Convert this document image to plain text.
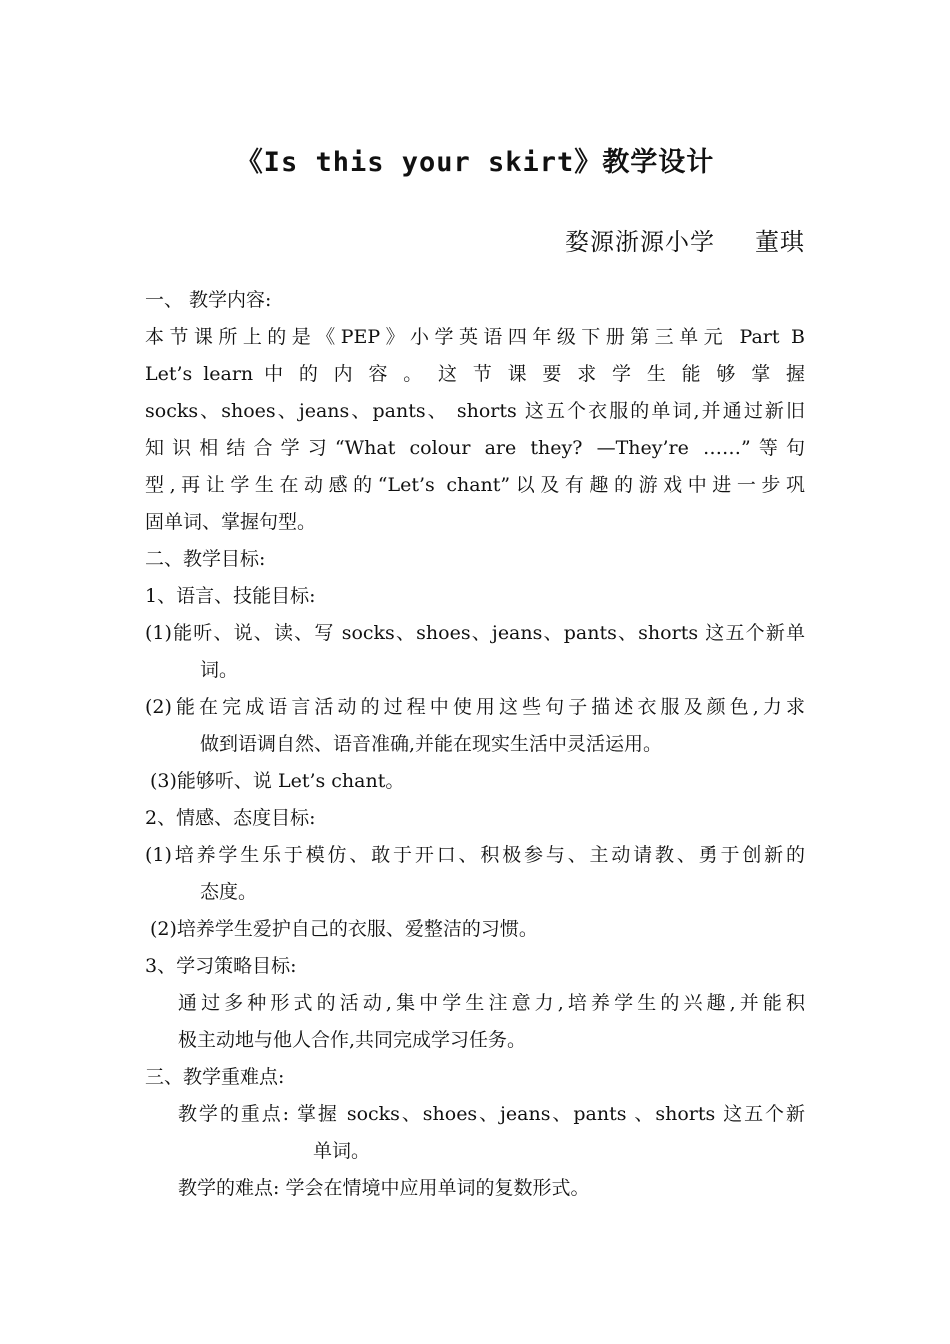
《Is this your skirt》教学设计
婺源浙源小学 董琪
一、 教学内容:
本节课所上的是《PEP》小学英语四年级下册第三单元 Part B
Let’s learn 中 的 内 容 。 这 节 课 要 求 学 生 能 够 掌 握
socks、shoes、jeans、pants、 shorts 这五个衣服的单词,并通过新旧
知识相结合学习“What colour are they? —They’re ……”等句
型,再让学生在动感的“Let’s chant”以及有趣的游戏中进一步巩
固单词、掌握句型。
二、教学目标:
1、语言、技能目标:
(1)能听、说、读、写 socks、shoes、jeans、pants、shorts 这五个新单
词。
(2)能在完成语言活动的过程中使用这些句子描述衣服及颜色,力求
做到语调自然、语音准确,并能在现实生活中灵活运用。
(3)能够听、说 Let’s chant。
2、情感、态度目标:
(1)培养学生乐于模仿、敢于开口、积极参与、主动请教、勇于创新的
态度。
(2)培养学生爱护自己的衣服、爱整洁的习惯。
3、学习策略目标:
通过多种形式的活动,集中学生注意力,培养学生的兴趣,并能积
极主动地与他人合作,共同完成学习任务。
三、教学重难点:
教学的重点: 掌握 socks、shoes、jeans、pants 、shorts 这五个新
单词。
教学的难点: 学会在情境中应用单词的复数形式。
